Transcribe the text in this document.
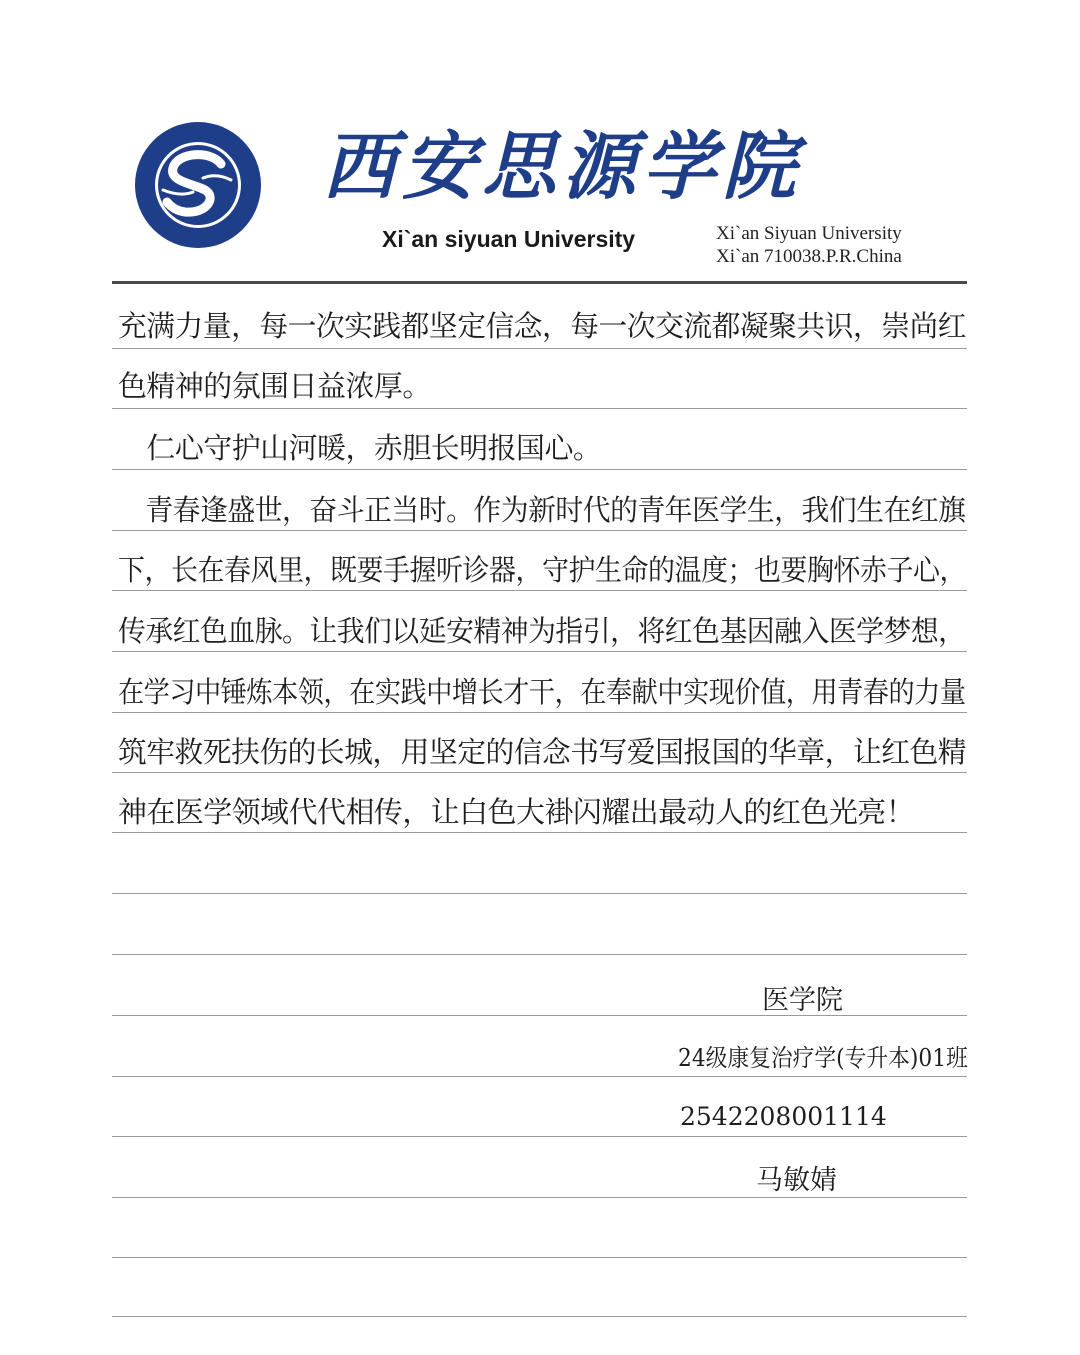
西安思源学院
Xi`an siyuan University	Xi`an Siyuan University
Xi`an 710038.P.R.China
充满力量，每一次实践都坚定信念，每一次交流都凝聚共识，崇尚红
色精神的氛围日益浓厚。
　仁心守护山河暖，赤胆长明报国心。
　青春逢盛世，奋斗正当时。作为新时代的青年医学生，我们生在红旗
下，长在春风里，既要手握听诊器，守护生命的温度；也要胸怀赤子心，
传承红色血脉。让我们以延安精神为指引，将红色基因融入医学梦想，
在学习中锤炼本领，在实践中增长才干，在奉献中实现价值，用青春的力量
筑牢救死扶伤的长城，用坚定的信念书写爱国报国的华章，让红色精
神在医学领域代代相传，让白色大褂闪耀出最动人的红色光亮！
医学院
24级康复治疗学(专升本)01班
2542208001114
马敏婧
